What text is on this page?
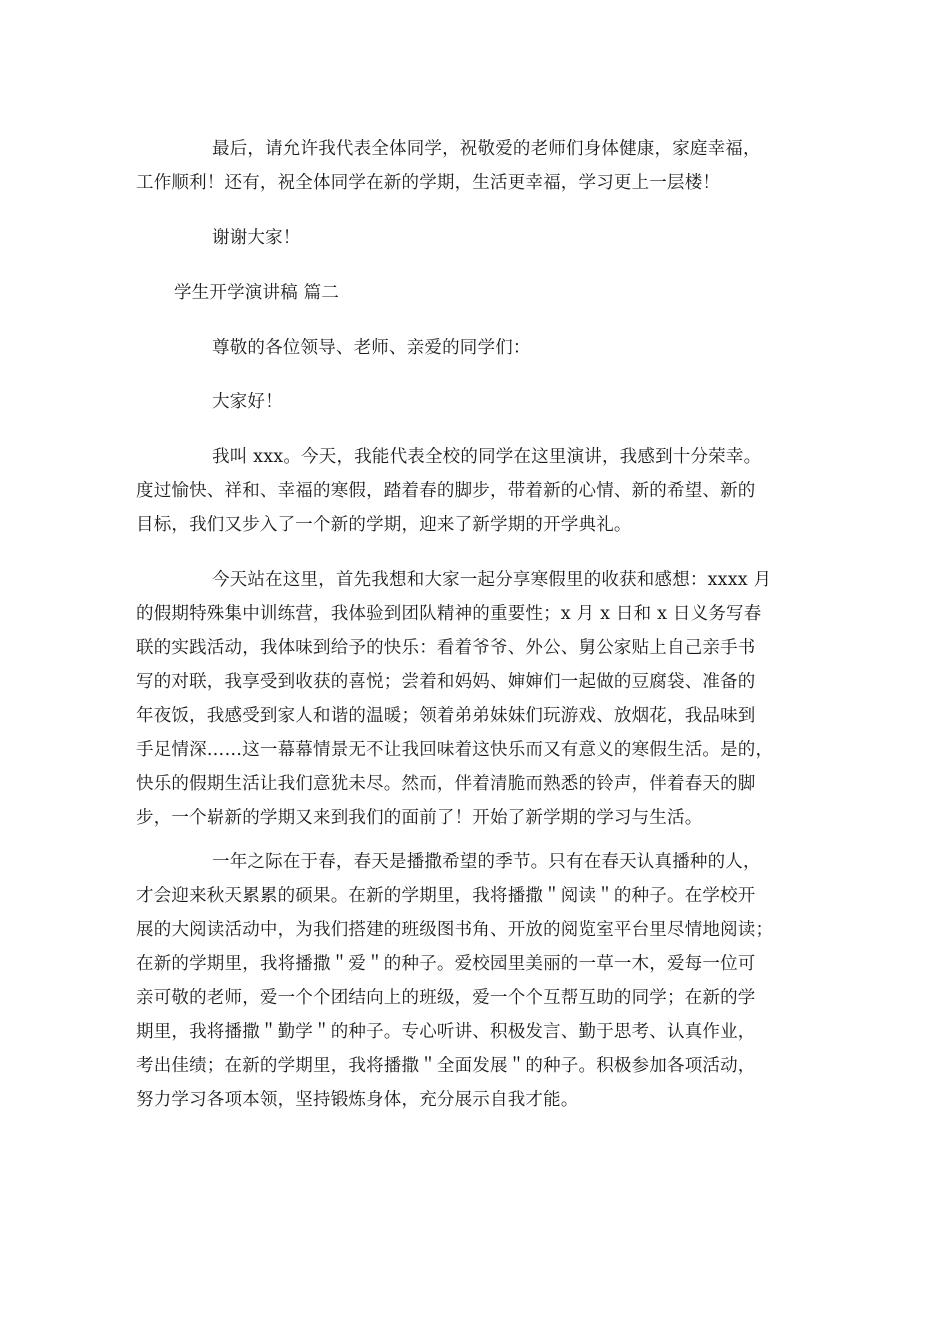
最后，请允许我代表全体同学，祝敬爱的老师们身体健康，家庭幸福，
工作顺利！还有，祝全体同学在新的学期，生活更幸福，学习更上一层楼！

谢谢大家！

学生开学演讲稿 篇二

尊敬的各位领导、老师、亲爱的同学们：

大家好！

我叫 xxx。今天，我能代表全校的同学在这里演讲，我感到十分荣幸。
度过愉快、祥和、幸福的寒假，踏着春的脚步，带着新的心情、新的希望、新的
目标，我们又步入了一个新的学期，迎来了新学期的开学典礼。

今天站在这里，首先我想和大家一起分享寒假里的收获和感想：xxxx 月
的假期特殊集中训练营，我体验到团队精神的重要性；x 月 x 日和 x 日义务写春
联的实践活动，我体味到给予的快乐：看着爷爷、外公、舅公家贴上自己亲手书
写的对联，我享受到收获的喜悦；尝着和妈妈、婶婶们一起做的豆腐袋、准备的
年夜饭，我感受到家人和谐的温暖；领着弟弟妹妹们玩游戏、放烟花，我品味到
手足情深……这一幕幕情景无不让我回味着这快乐而又有意义的寒假生活。是的，
快乐的假期生活让我们意犹未尽。然而，伴着清脆而熟悉的铃声，伴着春天的脚
步，一个崭新的学期又来到我们的面前了！开始了新学期的学习与生活。

一年之际在于春，春天是播撒希望的季节。只有在春天认真播种的人，
才会迎来秋天累累的硕果。在新的学期里，我将播撒＂阅读＂的种子。在学校开
展的大阅读活动中，为我们搭建的班级图书角、开放的阅览室平台里尽情地阅读；
在新的学期里，我将播撒＂爱＂的种子。爱校园里美丽的一草一木，爱每一位可
亲可敬的老师，爱一个个团结向上的班级，爱一个个互帮互助的同学；在新的学
期里，我将播撒＂勤学＂的种子。专心听讲、积极发言、勤于思考、认真作业，
考出佳绩；在新的学期里，我将播撒＂全面发展＂的种子。积极参加各项活动，
努力学习各项本领，坚持锻炼身体，充分展示自我才能。
